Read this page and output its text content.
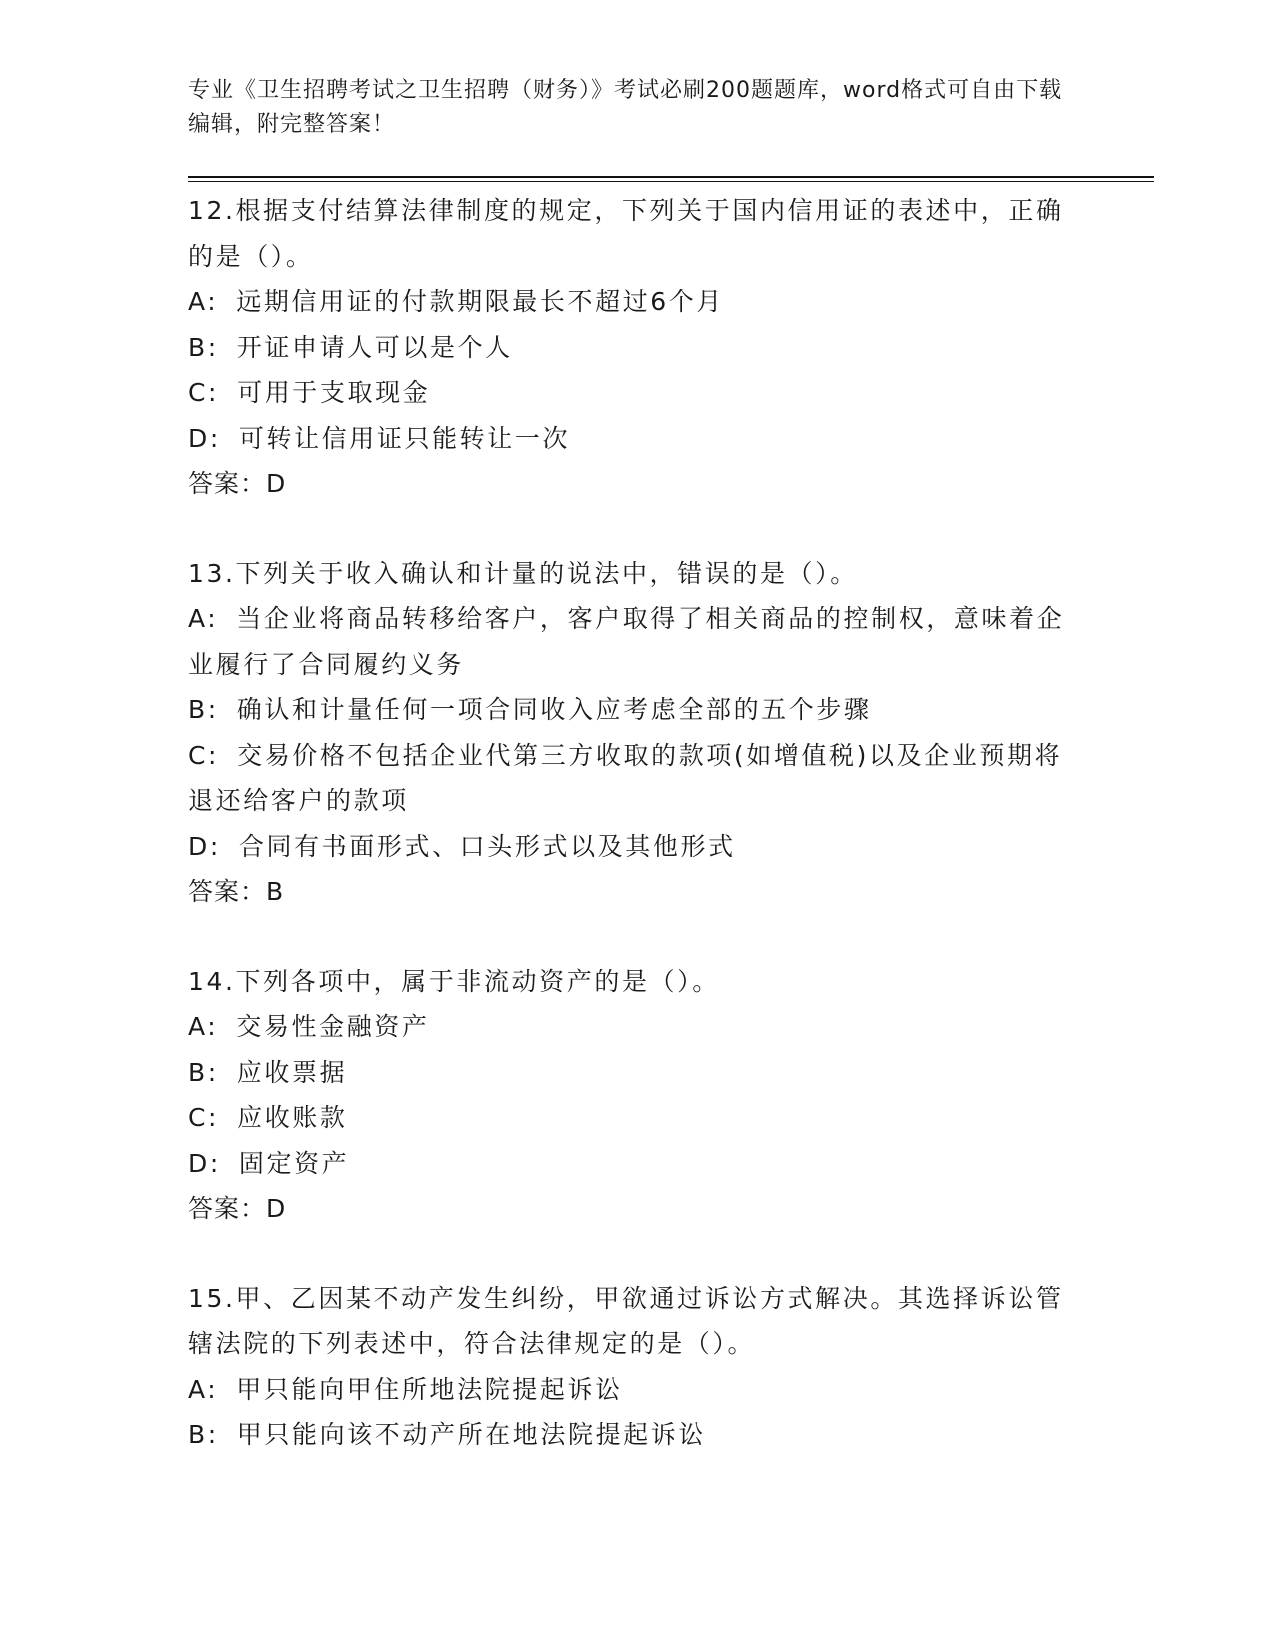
专业《卫生招聘考试之卫生招聘（财务）》考试必刷200题题库，word格式可自由下载编辑，附完整答案！
12.根据支付结算法律制度的规定，下列关于国内信用证的表述中，正确的是（）。
A: 远期信用证的付款期限最长不超过6个月
B: 开证申请人可以是个人
C: 可用于支取现金
D: 可转让信用证只能转让一次
答案：D
13.下列关于收入确认和计量的说法中，错误的是（）。
A: 当企业将商品转移给客户，客户取得了相关商品的控制权，意味着企业履行了合同履约义务
B: 确认和计量任何一项合同收入应考虑全部的五个步骤
C: 交易价格不包括企业代第三方收取的款项(如增值税)以及企业预期将退还给客户的款项
D: 合同有书面形式、口头形式以及其他形式
答案：B
14.下列各项中，属于非流动资产的是（）。
A: 交易性金融资产
B: 应收票据
C: 应收账款
D: 固定资产
答案：D
15.甲、乙因某不动产发生纠纷，甲欲通过诉讼方式解决。其选择诉讼管辖法院的下列表述中，符合法律规定的是（）。
A: 甲只能向甲住所地法院提起诉讼
B: 甲只能向该不动产所在地法院提起诉讼
